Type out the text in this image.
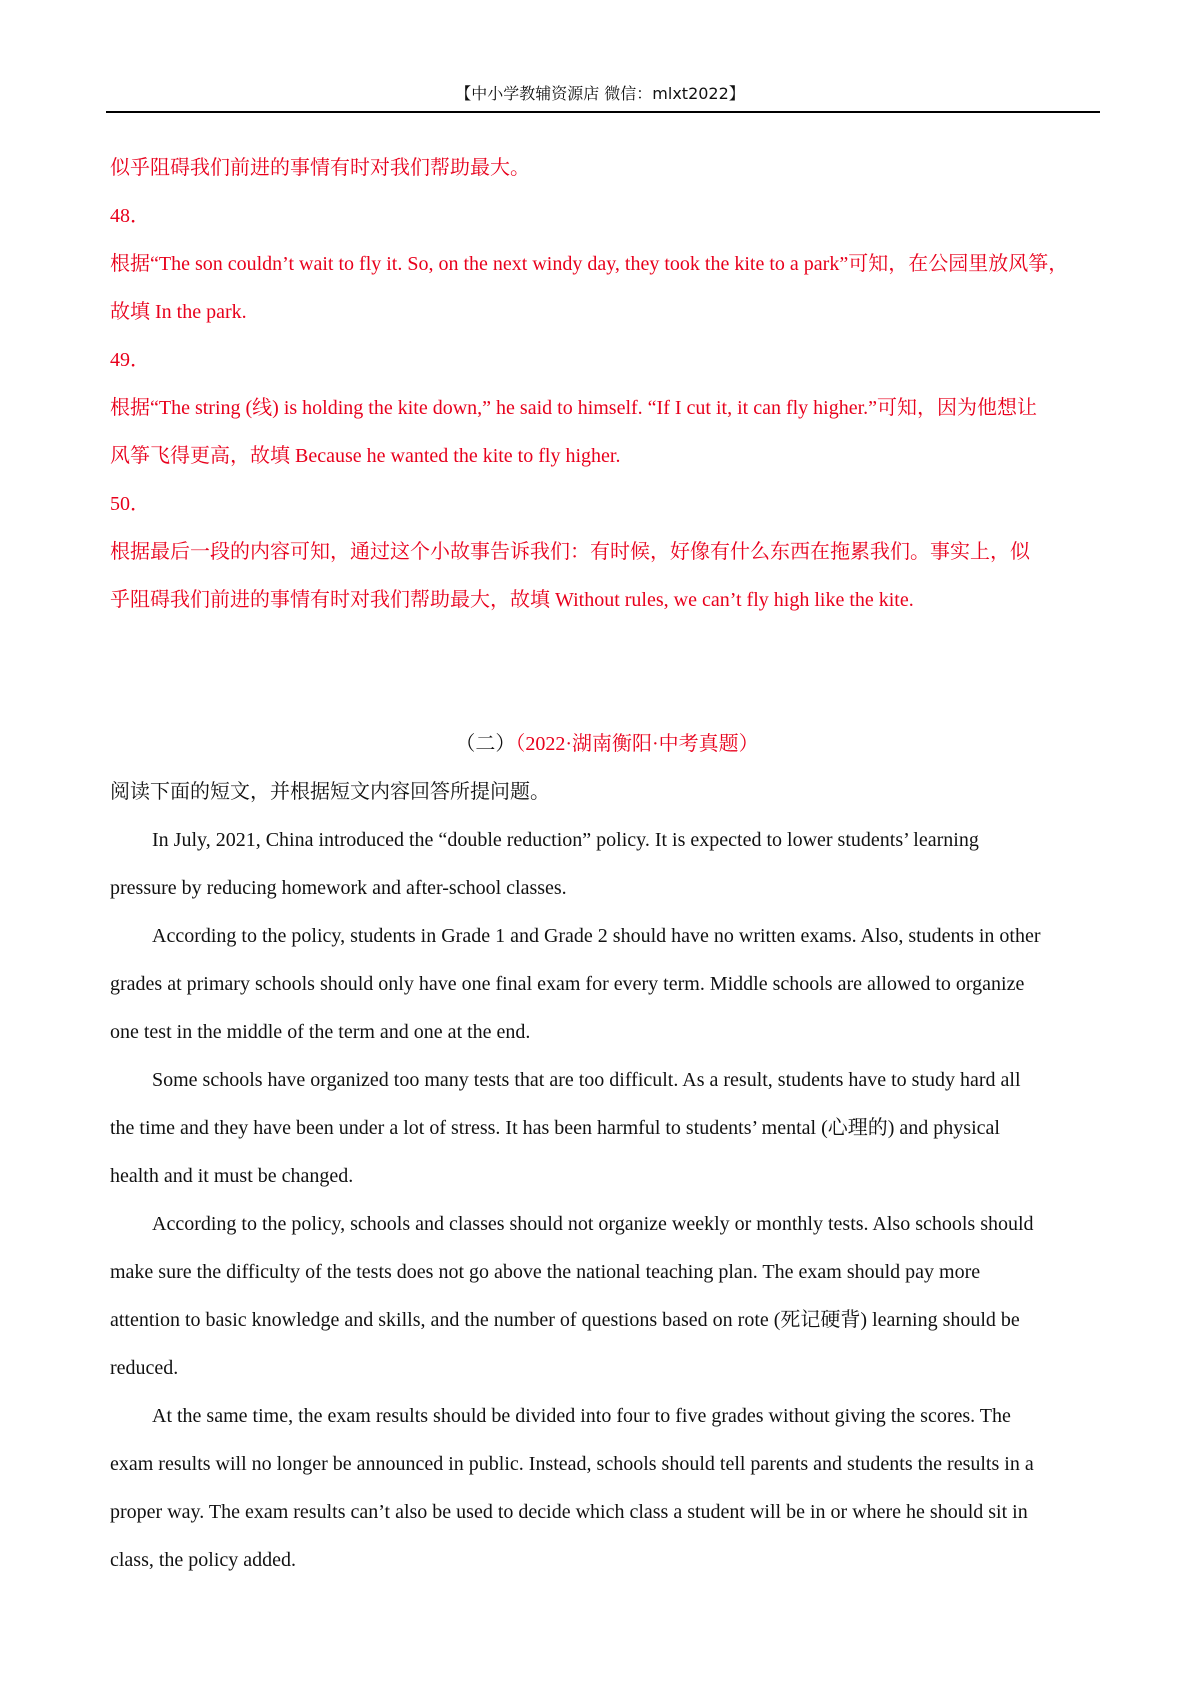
【中小学教辅资源店 微信：mlxt2022】
似乎阻碍我们前进的事情有时对我们帮助最大。
48．
根据“The son couldn’t wait to fly it. So, on the next windy day, they took the kite to a park”可知，在公园里放风筝，
故填 In the park.
49．
根据“The string (线) is holding the kite down,” he said to himself. “If I cut it, it can fly higher.”可知，因为他想让
风筝飞得更高，故填 Because he wanted the kite to fly higher.
50．
根据最后一段的内容可知，通过这个小故事告诉我们：有时候，好像有什么东西在拖累我们。事实上，似
乎阻碍我们前进的事情有时对我们帮助最大，故填 Without rules, we can’t fly high like the kite.
（二）（2022·湖南衡阳·中考真题）
阅读下面的短文，并根据短文内容回答所提问题。
In July, 2021, China introduced the “double reduction” policy. It is expected to lower students’ learning
pressure by reducing homework and after-school classes.
According to the policy, students in Grade 1 and Grade 2 should have no written exams. Also, students in other
grades at primary schools should only have one final exam for every term. Middle schools are allowed to organize
one test in the middle of the term and one at the end.
Some schools have organized too many tests that are too difficult. As a result, students have to study hard all
the time and they have been under a lot of stress. It has been harmful to students’ mental (心理的) and physical
health and it must be changed.
According to the policy, schools and classes should not organize weekly or monthly tests. Also schools should
make sure the difficulty of the tests does not go above the national teaching plan. The exam should pay more
attention to basic knowledge and skills, and the number of questions based on rote (死记硬背) learning should be
reduced.
At the same time, the exam results should be divided into four to five grades without giving the scores. The
exam results will no longer be announced in public. Instead, schools should tell parents and students the results in a
proper way. The exam results can’t also be used to decide which class a student will be in or where he should sit in
class, the policy added.
